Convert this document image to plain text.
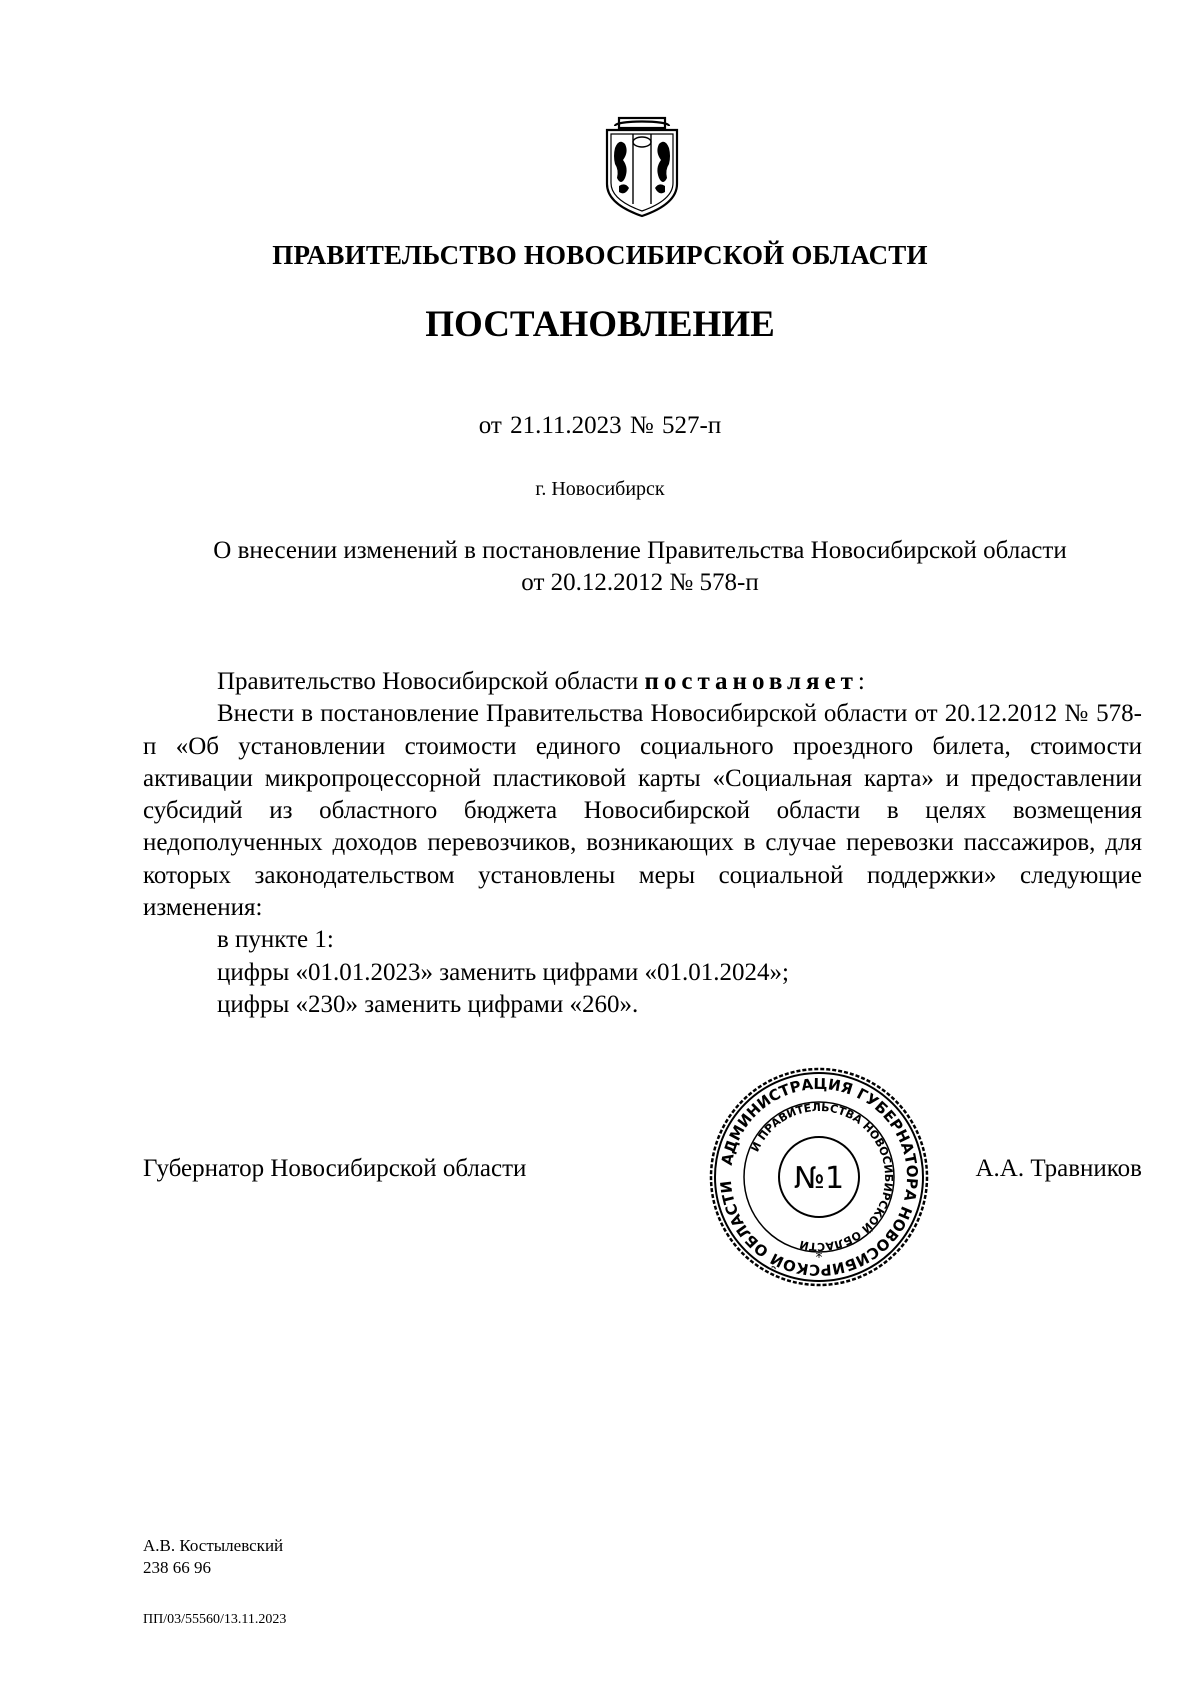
ПРАВИТЕЛЬСТВО НОВОСИБИРСКОЙ ОБЛАСТИ
ПОСТАНОВЛЕНИЕ
от 21.11.2023 № 527-п
г. Новосибирск
О внесении изменений в постановление Правительства Новосибирской области
от 20.12.2012 № 578-п

Правительство Новосибирской области постановляет:

Внести в постановление Правительства Новосибирской области от 20.12.2012 № 578-п «Об установлении стоимости единого социального проездного билета, стоимости активации микропроцессорной пластиковой карты «Социальная карта» и предоставлении субсидий из областного бюджета Новосибирской области в целях возмещения недополученных доходов перевозчиков, возникающих в случае перевозки пассажиров, для которых законодательством установлены меры социальной поддержки» следующие изменения:

в пункте 1:

цифры «01.01.2023» заменить цифрами «01.01.2024»;

цифры «230» заменить цифрами «260».

Губернатор Новосибирской области	А.А. Травников
АДМИНИСТРАЦИЯ ГУБЕРНАТОРА НОВОСИБИРСКОЙ ОБЛАСТИ
И ПРАВИТЕЛЬСТВА НОВОСИБИРСКОЙ ОБЛАСТИ
№1
*
А.В. Костылевский
238 66 96
ПП/03/55560/13.11.2023
